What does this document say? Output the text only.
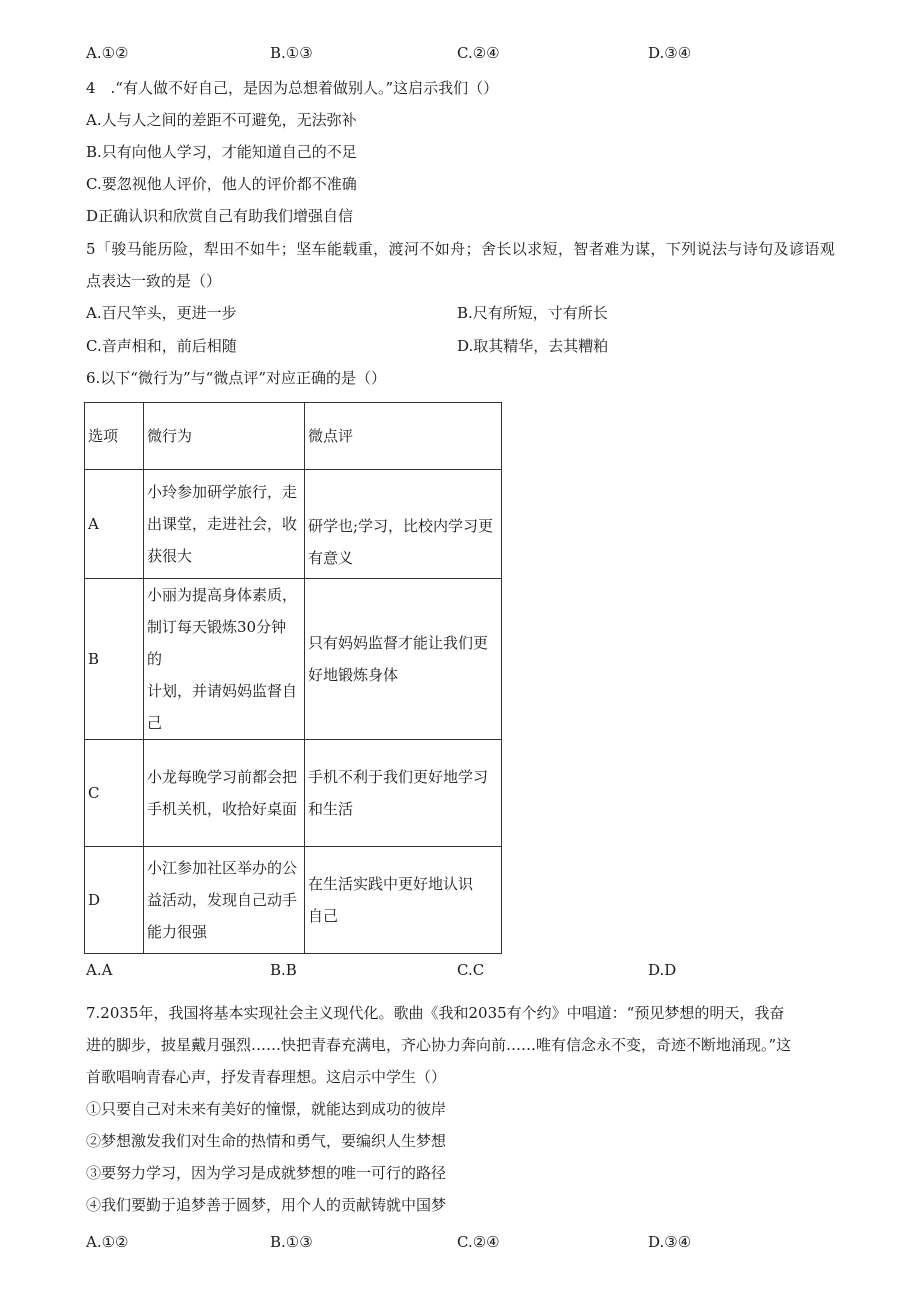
A.①②	B.①③	C.②④	D.③④
4　.“有人做不好自己，是因为总想着做别人。”这启示我们（）
A.人与人之间的差距不可避免，无法弥补
B.只有向他人学习，才能知道自己的不足
C.要忽视他人评价，他人的评价都不准确
D正确认识和欣赏自己有助我们增强自信
5「骏马能历险，犁田不如牛；坚车能载重，渡河不如舟；舍长以求短，智者难为谋，下列说法与诗句及谚语观
点表达一致的是（）
A.百尺竿头，更进一步	B.尺有所短，寸有所长
C.音声相和，前后相随	D.取其精华，去其糟粕
6.以下“微行为”与“微点评”对应正确的是（）
选项	微行为	微点评
A	小玲参加研学旅行，走
出课堂，走进社会，收
获很大	研学也;学习，比校内学习更
有意义
B	小丽为提高身体素质，
制订每天锻炼30分钟的
计划，并请妈妈监督自
己	只有妈妈监督才能让我们更
好地锻炼身体
C	小龙每晚学习前都会把
手机关机，收拾好桌面	手机不利于我们更好地学习
和生活
D	小江参加社区举办的公
益活动，发现自己动手
能力很强	在生活实践中更好地认识
自己
A.A	B.B	C.C	D.D
7.2035年，我国将基本实现社会主义现代化。歌曲《我和2035有个约》中唱道：“预见梦想的明天，我奋
进的脚步，披星戴月强烈……快把青春充满电，齐心协力奔向前……唯有信念永不变，奇迹不断地涌现。”这
首歌唱响青春心声，抒发青春理想。这启示中学生（）
①只要自己对未来有美好的憧憬，就能达到成功的彼岸
②梦想激发我们对生命的热情和勇气，要编织人生梦想
③要努力学习，因为学习是成就梦想的唯一可行的路径
④我们要勤于追梦善于圆梦，用个人的贡献铸就中国梦
A.①②	B.①③	C.②④	D.③④
